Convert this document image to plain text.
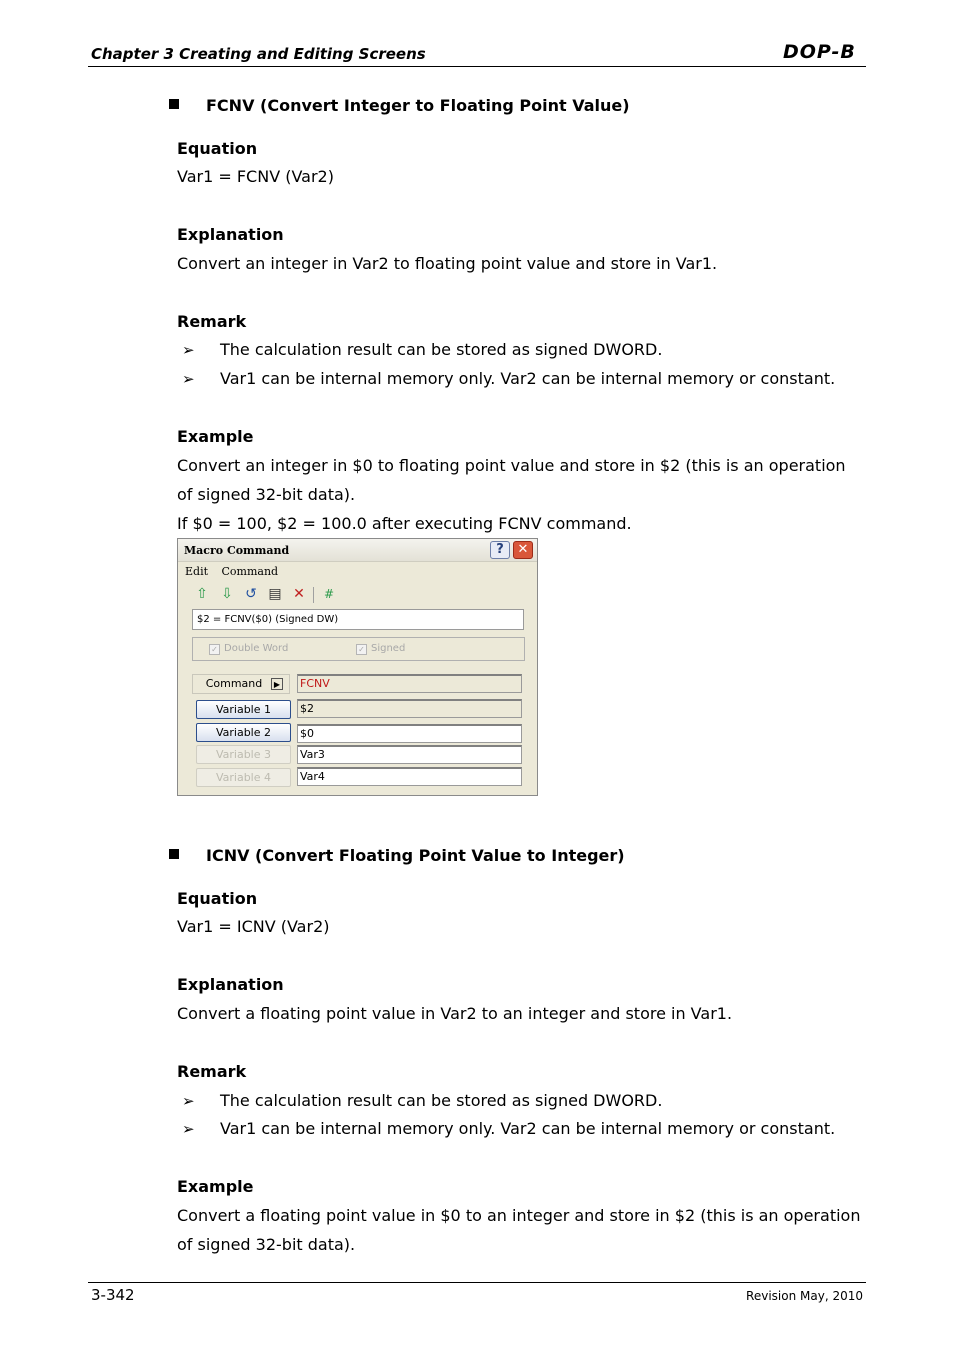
Chapter 3 Creating and Editing Screens	DOP-B
FCNV (Convert Integer to Floating Point Value)
Equation
Var1 = FCNV (Var2)
Explanation
Convert an integer in Var2 to floating point value and store in Var1.
Remark
➢ The calculation result can be stored as signed DWORD.
➢ Var1 can be internal memory only. Var2 can be internal memory or constant.
Example
Convert an integer in $0 to floating point value and store in $2 (this is an operation
of signed 32-bit data).
If $0 = 100, $2 = 100.0 after executing FCNV command.
Macro Command	?	✕
Edit Command
⇧ ⇩ ↺ ▤ ✕	#
$2 = FCNV($0) (Signed DW)
✓ Double Word	✓ Signed
Command	▶ FCNV
Variable 1	$2
Variable 2	$0
Variable 3	Var3
Variable 4	Var4
ICNV (Convert Floating Point Value to Integer)
Equation
Var1 = ICNV (Var2)
Explanation
Convert a floating point value in Var2 to an integer and store in Var1.
Remark
➢ The calculation result can be stored as signed DWORD.
➢ Var1 can be internal memory only. Var2 can be internal memory or constant.
Example
Convert a floating point value in $0 to an integer and store in $2 (this is an operation
of signed 32-bit data).
3-342	Revision May, 2010
